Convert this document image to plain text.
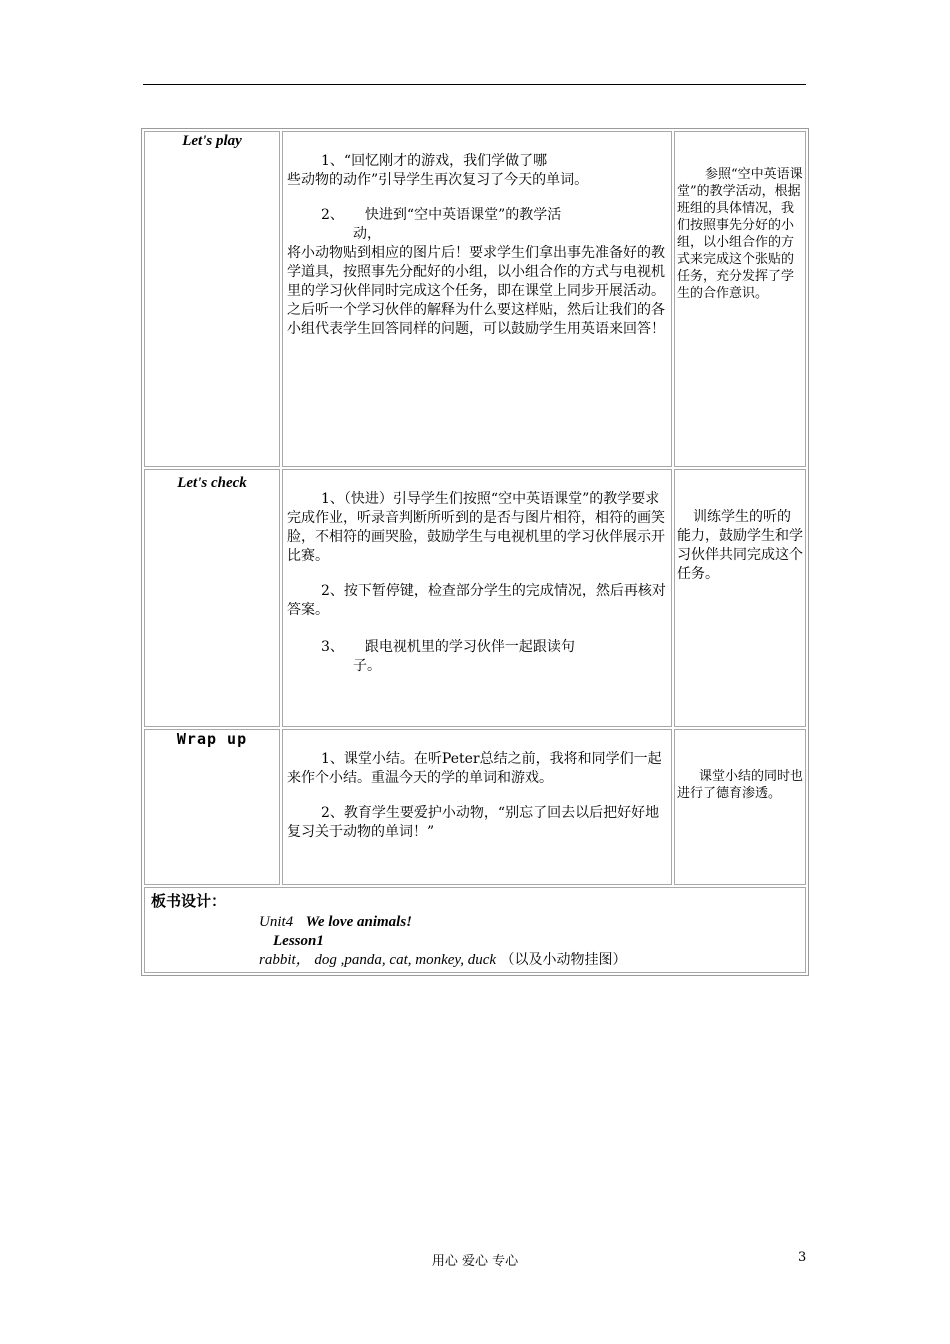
Let's play	1、“回忆刚才的游戏，我们学做了哪

些动物的动作”引导学生再次复习了今天的单词。

2、　　快进到“空中英语课堂”的教学活

动，

将小动物贴到相应的图片后！要求学生们拿出事先准备好的教学道具，按照事先分配好的小组，以小组合作的方式与电视机里的学习伙伴同时完成这个任务，即在课堂上同步开展活动。之后听一个学习伙伴的解释为什么要这样贴，然后让我们的各小组代表学生回答同样的问题，可以鼓励学生用英语来回答！	参照“空中英语课堂”的教学活动，根据班组的具体情况，我们按照事先分好的小组，以小组合作的方式来完成这个张贴的任务，充分发挥了学生的合作意识。

Let's check	1、（快进）引导学生们按照“空中英语课堂”的教学要求完成作业，听录音判断所听到的是否与图片相符，相符的画笑脸，不相符的画哭脸，鼓励学生与电视机里的学习伙伴展示开比赛。

2、按下暂停键，检查部分学生的完成情况，然后再核对答案。

3、　　跟电视机里的学习伙伴一起跟读句

子。	训练学生的听的能力，鼓励学生和学习伙伴共同完成这个任务。

Wrap up	1、课堂小结。在听Peter总结之前，我将和同学们一起来作个小结。重温今天的学的单词和游戏。

2、教育学生要爱护小动物，“别忘了回去以后把好好地复习关于动物的单词！”	课堂小结的同时也进行了德育渗透。

板书设计：
Unit4 We love animals!
Lesson1
rabbit， dog ,panda, cat, monkey, duck （以及小动物挂图）		
用心 爱心 专心	3
